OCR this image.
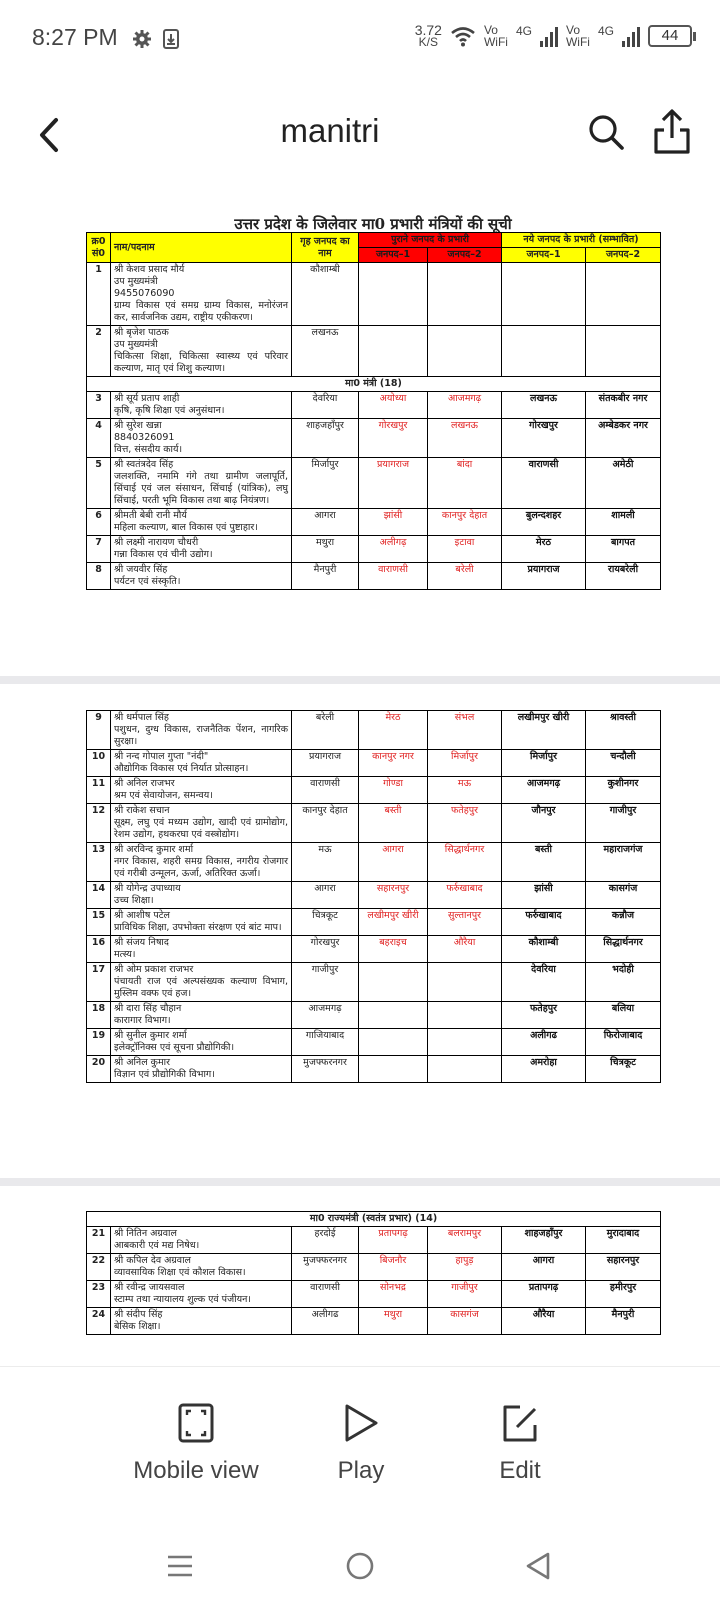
8:27 PM	3.72
K/S
Vo
WiFi
4G	Vo
WiFi
4G	44
manitri
उत्तर प्रदेश के जिलेवार मा0 प्रभारी मंत्रियों की सूची
क्र0 सं0	नाम/पदनाम	गृह जनपद का नाम	पुराने जनपद के प्रभारी		नये जनपद के प्रभारी (सम्भावित)	
			जनपद–1	जनपद–2	जनपद–1	जनपद–2
1	श्री केशव प्रसाद मौर्य
उप मुख्यमंत्री
9455076090
ग्राम्य विकास एवं समग्र ग्राम्य विकास, मनोरंजन कर, सार्वजनिक उद्यम, राष्ट्रीय एकीकरण।	कौशाम्बी				
2	श्री बृजेश पाठक
उप मुख्यमंत्री
चिकित्सा शिक्षा, चिकित्सा स्वास्थ्य एवं परिवार कल्याण, मातृ एवं शिशु कल्याण।	लखनऊ				
मा0 मंत्री (18)						
3	श्री सूर्य प्रताप शाही
कृषि, कृषि शिक्षा एवं अनुसंधान।	देवरिया	अयोध्या	आजमगढ़	लखनऊ	संतकबीर नगर
4	श्री सुरेश खन्ना
8840326091
वित्त, संसदीय कार्य।	शाहजहाँपुर	गोरखपुर	लखनऊ	गोरखपुर	अम्बेडकर नगर
5	श्री स्वतंत्रदेव सिंह
जलशक्ति, नमामि गंगे तथा ग्रामीण जलापूर्ति, सिंचाई एवं जल संसाधन, सिंचाई (यांत्रिक), लघु सिंचाई, परती भूमि विकास तथा बाढ़ नियंत्रण।	मिर्जापुर	प्रयागराज	बांदा	वाराणसी	अमेठी
6	श्रीमती बेबी रानी मौर्य
महिला कल्याण, बाल विकास एवं पुष्टाहार।	आगरा	झांसी	कानपुर देहात	बुलन्दशहर	शामली
7	श्री लक्ष्मी नारायण चौधरी
गन्ना विकास एवं चीनी उद्योग।	मथुरा	अलीगढ़	इटावा	मेरठ	बागपत
8	श्री जयवीर सिंह
पर्यटन एवं संस्कृति।	मैनपुरी	वाराणसी	बरेली	प्रयागराज	रायबरेली
9	श्री धर्मपाल सिंह
पशुधन, दुग्ध विकास, राजनैतिक पेंशन, नागरिक सुरक्षा।	बरेली	मेरठ	संभल	लखीमपुर खीरी	श्रावस्ती
10	श्री नन्द गोपाल गुप्ता "नंदी"
औद्योगिक विकास एवं निर्यात प्रोत्साहन।	प्रयागराज	कानपुर नगर	मिर्जापुर	मिर्जापुर	चन्दौली
11	श्री अनिल राजभर
श्रम एवं सेवायोजन, समन्वय।	वाराणसी	गोण्डा	मऊ	आजमगढ़	कुशीनगर
12	श्री राकेश सचान
सूक्ष्म, लघु एवं मध्यम उद्योग, खादी एवं ग्रामोद्योग, रेशम उद्योग, हथकरघा एवं वस्त्रोद्योग।	कानपुर देहात	बस्ती	फतेहपुर	जौनपुर	गाजीपुर
13	श्री अरविन्द कुमार शर्मा
नगर विकास, शहरी समग्र विकास, नगरीय रोजगार एवं गरीबी उन्मूलन, ऊर्जा, अतिरिक्त ऊर्जा।	मऊ	आगरा	सिद्धार्थनगर	बस्ती	महाराजगंज
14	श्री योगेन्द्र उपाध्याय
उच्च शिक्षा।	आगरा	सहारनपुर	फर्रुखाबाद	झांसी	कासगंज
15	श्री आशीष पटेल
प्राविधिक शिक्षा, उपभोक्ता संरक्षण एवं बांट माप।	चित्रकूट	लखीमपुर खीरी	सुल्तानपुर	फर्रुखाबाद	कन्नौज
16	श्री संजय निषाद
मत्स्य।	गोरखपुर	बहराइच	औरैया	कौशाम्बी	सिद्धार्थनगर
17	श्री ओम प्रकाश राजभर
पंचायती राज एवं अल्पसंख्यक कल्याण विभाग, मुस्लिम वक्फ एवं हज।	गाजीपुर			देवरिया	भदोही
18	श्री दारा सिंह चौहान
कारागार विभाग।	आजमगढ़			फतेहपुर	बलिया
19	श्री सुनील कुमार शर्मा
इलेक्ट्रॉनिक्स एवं सूचना प्रौद्योगिकी।	गाजियाबाद			अलीगढ	फिरोजाबाद
20	श्री अनिल कुमार
विज्ञान एवं प्रौद्योगिकी विभाग।	मुजफ्फरनगर			अमरोहा	चित्रकूट
मा0 राज्यमंत्री (स्वतंत्र प्रभार) (14)						
21	श्री नितिन अग्रवाल
आबकारी एवं मद्य निषेध।	हरदोई	प्रतापगढ़	बलरामपुर	शाहजहाँपुर	मुरादाबाद
22	श्री कपिल देव अग्रवाल
व्यावसायिक शिक्षा एवं कौशल विकास।	मुजफ्फरनगर	बिजनौर	हापुड़	आगरा	सहारनपुर
23	श्री रवीन्द्र जायसवाल
स्टाम्प तथा न्यायालय शुल्क एवं पंजीयन।	वाराणसी	सोनभद्र	गाजीपुर	प्रतापगढ़	हमीरपुर
24	श्री संदीप सिंह
बेसिक शिक्षा।	अलीगढ	मथुरा	कासगंज	औरैया	मैनपुरी
Mobile view	Play	Edit
